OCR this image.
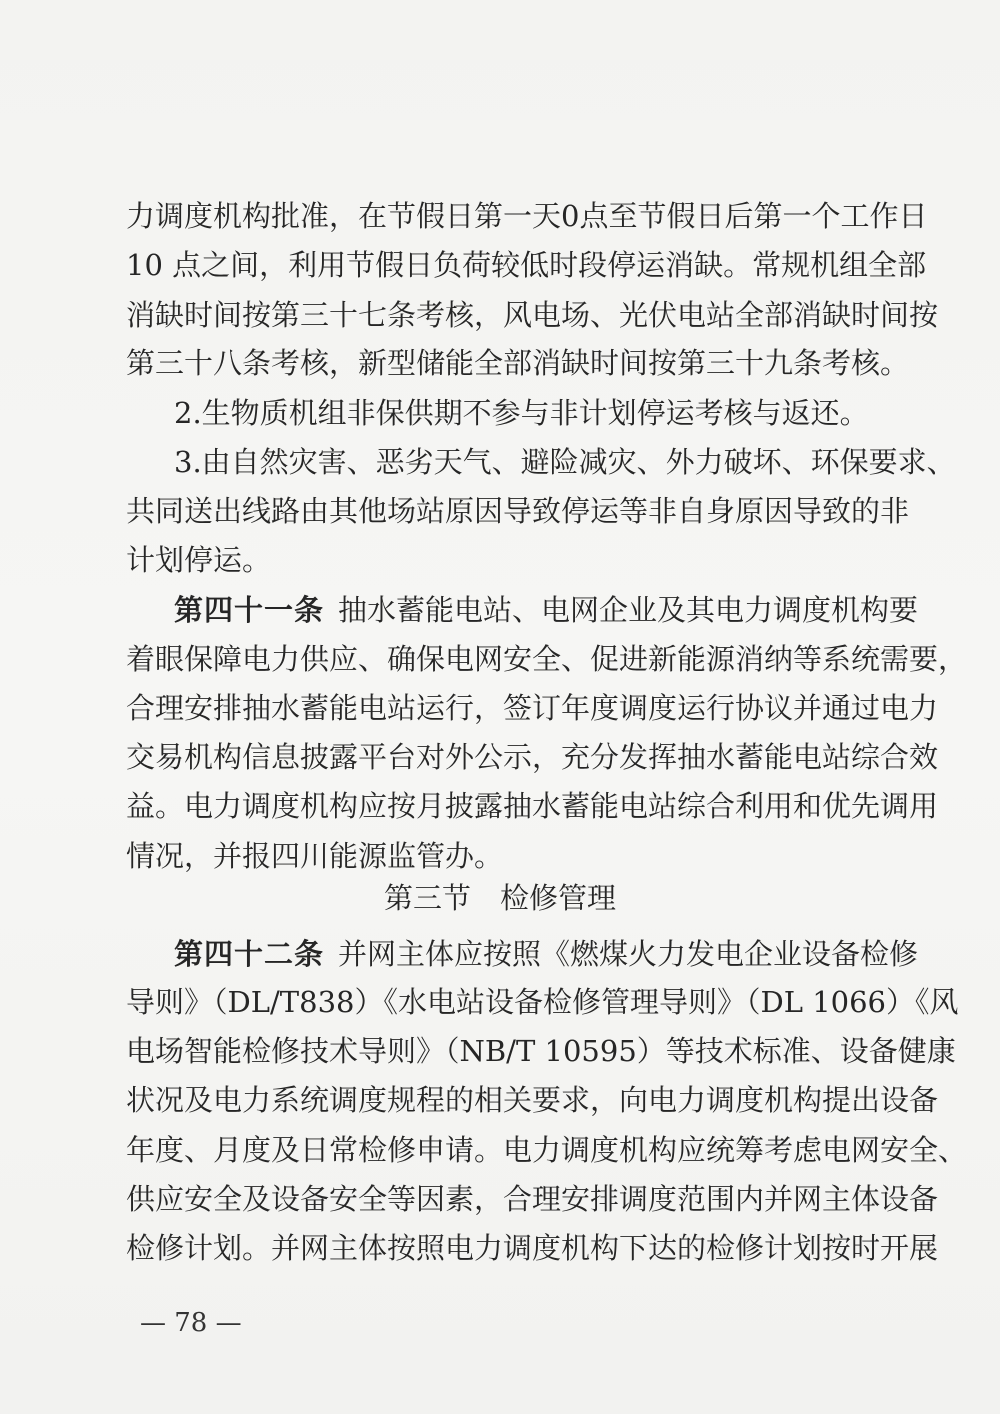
力调度机构批准，在节假日第一天0点至节假日后第一个工作日
10 点之间，利用节假日负荷较低时段停运消缺。常规机组全部
消缺时间按第三十七条考核，风电场、光伏电站全部消缺时间按
第三十八条考核，新型储能全部消缺时间按第三十九条考核。
2.生物质机组非保供期不参与非计划停运考核与返还。
3.由自然灾害、恶劣天气、避险减灾、外力破坏、环保要求、
共同送出线路由其他场站原因导致停运等非自身原因导致的非
计划停运。
第四十一条 抽水蓄能电站、电网企业及其电力调度机构要
着眼保障电力供应、确保电网安全、促进新能源消纳等系统需要，
合理安排抽水蓄能电站运行，签订年度调度运行协议并通过电力
交易机构信息披露平台对外公示，充分发挥抽水蓄能电站综合效
益。电力调度机构应按月披露抽水蓄能电站综合利用和优先调用
情况，并报四川能源监管办。
第三节　检修管理
第四十二条 并网主体应按照《燃煤火力发电企业设备检修
导则》（DL/T838）《水电站设备检修管理导则》（DL 1066）《风
电场智能检修技术导则》（NB/T 10595）等技术标准、设备健康
状况及电力系统调度规程的相关要求，向电力调度机构提出设备
年度、月度及日常检修申请。电力调度机构应统筹考虑电网安全、
供应安全及设备安全等因素，合理安排调度范围内并网主体设备
检修计划。并网主体按照电力调度机构下达的检修计划按时开展
— 78 —
